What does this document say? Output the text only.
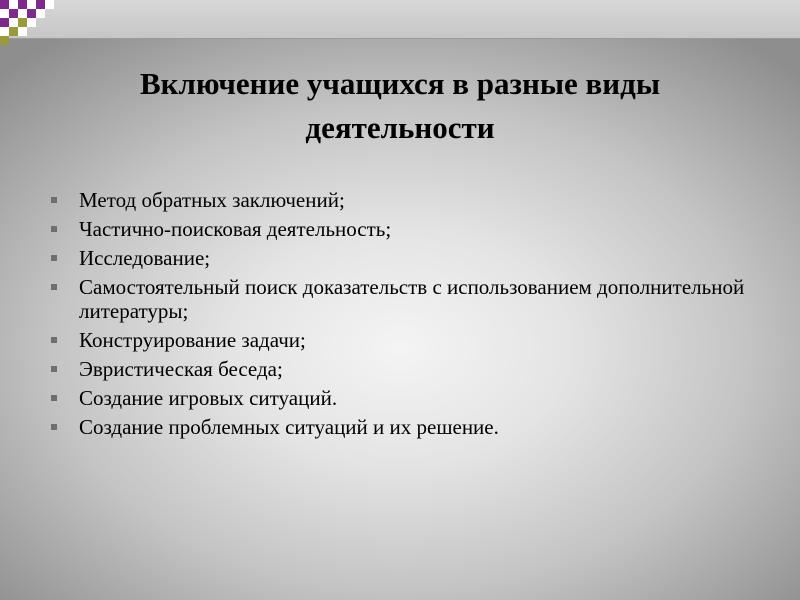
Включение учащихся в разные виды
деятельности
Метод обратных заключений;
Частично-поисковая деятельность;
Исследование;
Самостоятельный поиск доказательств с использованием дополнительной литературы;
Конструирование задачи;
Эвристическая беседа;
Создание игровых ситуаций.
Создание проблемных ситуаций и их решение.
